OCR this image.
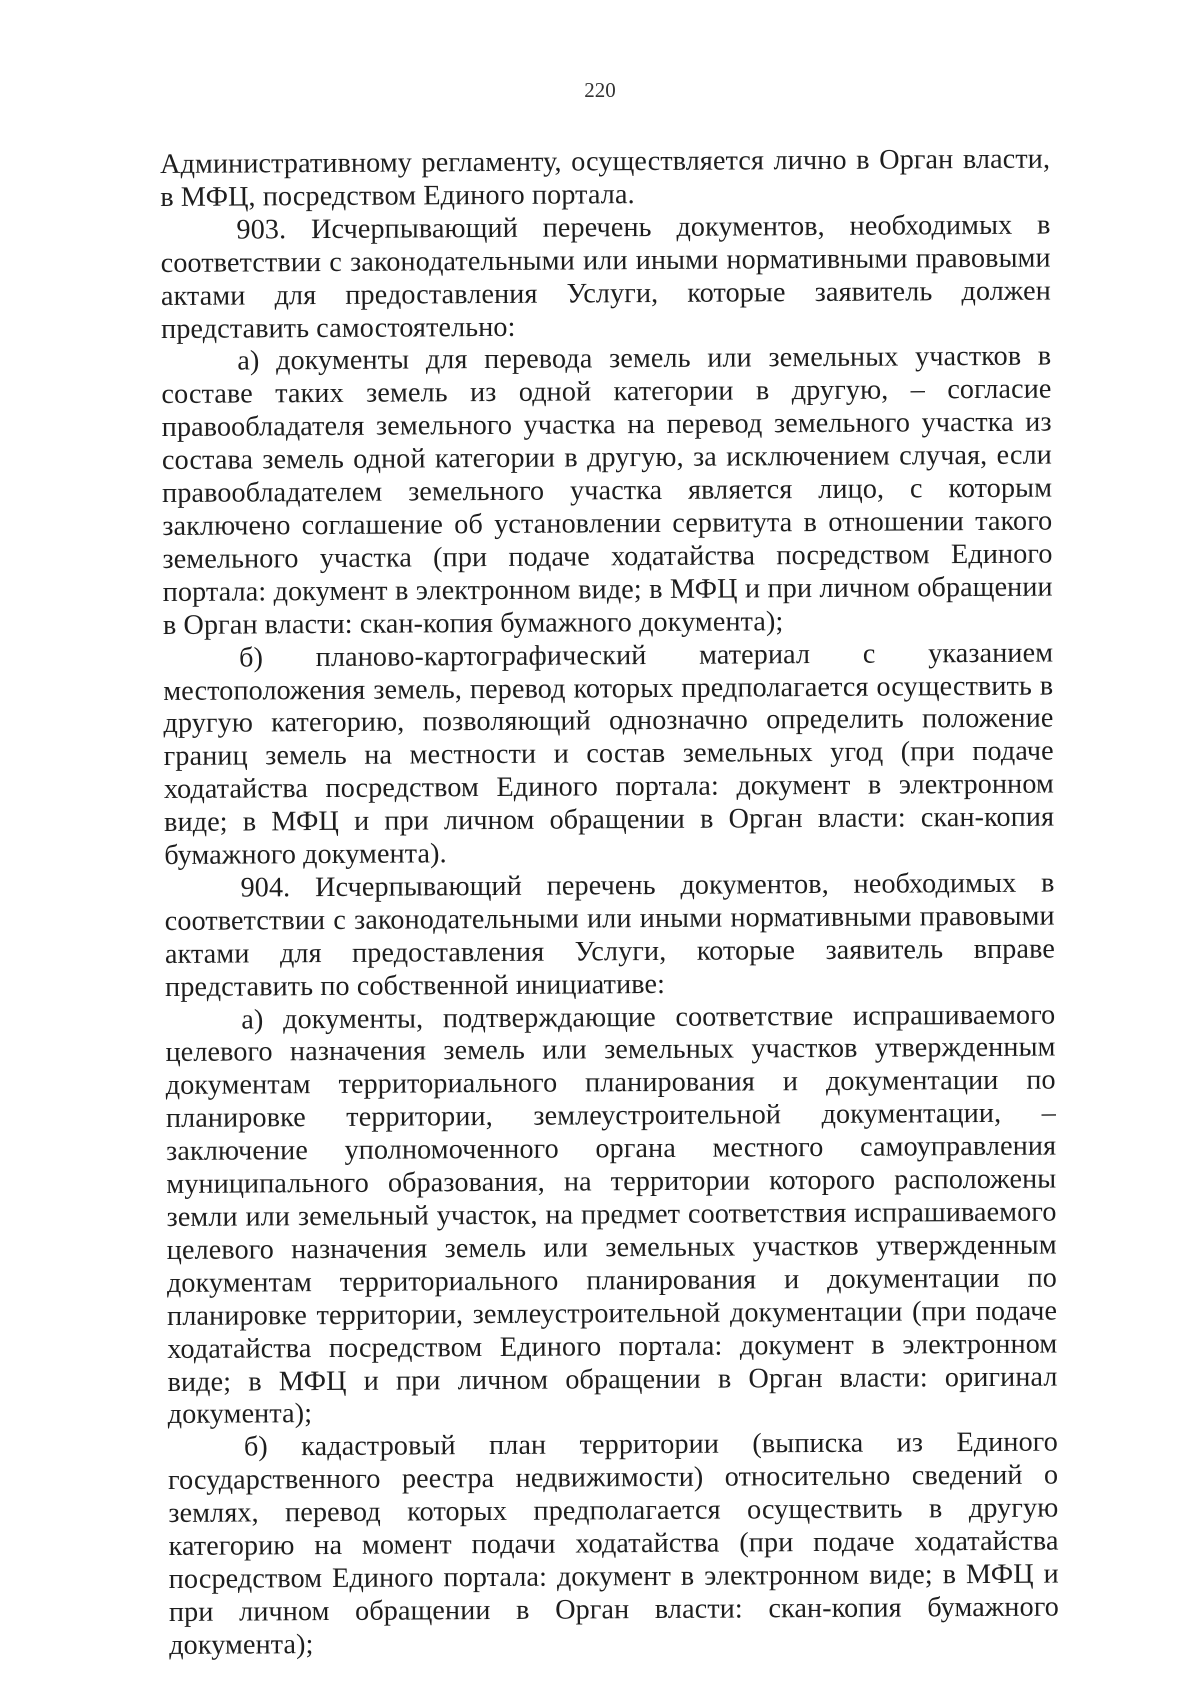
220

Административному регламенту, осуществляется лично в Орган власти, в МФЦ, посредством Единого портала.

903. Исчерпывающий перечень документов, необходимых в соответствии с законодательными или иными нормативными правовыми актами для предоставления Услуги, которые заявитель должен представить самостоятельно:

а) документы для перевода земель или земельных участков в составе таких земель из одной категории в другую, – согласие правообладателя земельного участка на перевод земельного участка из состава земель одной категории в другую, за исключением случая, если правообладателем земельного участка является лицо, с которым заключено соглашение об установлении сервитута в отношении такого земельного участка (при подаче ходатайства посредством Единого портала: документ в электронном виде; в МФЦ и при личном обращении в Орган власти: скан-копия бумажного документа);

б) планово-картографический материал с указанием местоположения земель, перевод которых предполагается осуществить в другую категорию, позволяющий однозначно определить положение границ земель на местности и состав земельных угод (при подаче ходатайства посредством Единого портала: документ в электронном виде; в МФЦ и при личном обращении в Орган власти: скан-копия бумажного документа).

904. Исчерпывающий перечень документов, необходимых в соответствии с законодательными или иными нормативными правовыми актами для предоставления Услуги, которые заявитель вправе представить по собственной инициативе:

а) документы, подтверждающие соответствие испрашиваемого целевого назначения земель или земельных участков утвержденным документам территориального планирования и документации по планировке территории, землеустроительной документации, – заключение уполномоченного органа местного самоуправления муниципального образования, на территории которого расположены земли или земельный участок, на предмет соответствия испрашиваемого целевого назначения земель или земельных участков утвержденным документам территориального планирования и документации по планировке территории, землеустроительной документации (при подаче ходатайства посредством Единого портала: документ в электронном виде; в МФЦ и при личном обращении в Орган власти: оригинал документа);

б) кадастровый план территории (выписка из Единого государственного реестра недвижимости) относительно сведений о землях, перевод которых предполагается осуществить в другую категорию на момент подачи ходатайства (при подаче ходатайства посредством Единого портала: документ в электронном виде; в МФЦ и при личном обращении в Орган власти: скан-копия бумажного документа);
